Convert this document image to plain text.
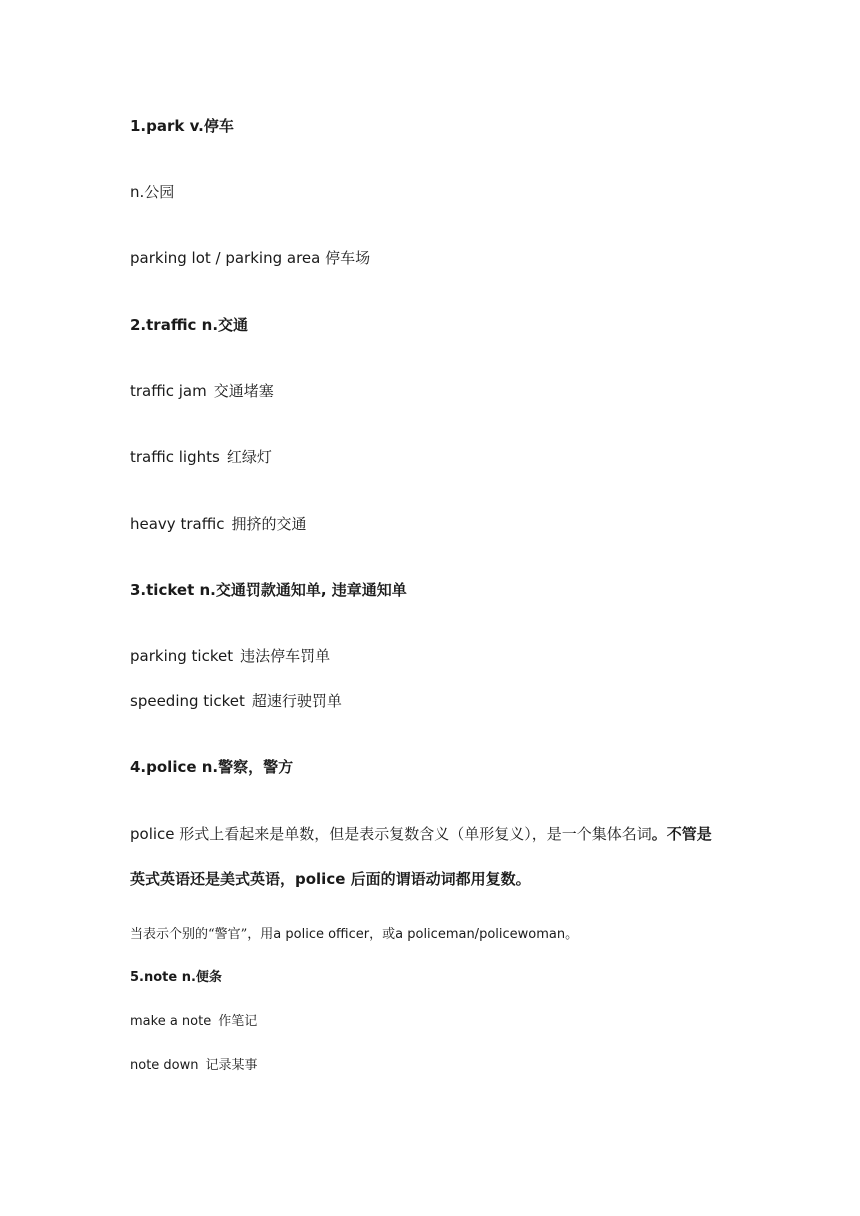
1.park v.停车
n.公园
parking lot / parking area 停车场
2.traffic n.交通
traffic jam 交通堵塞
traffic lights 红绿灯
heavy traffic 拥挤的交通
3.ticket n.交通罚款通知单, 违章通知单
parking ticket 违法停车罚单
speeding ticket 超速行驶罚单
4.police n.警察，警方
police 形式上看起来是单数，但是表示复数含义（单形复义），是一个集体名词。不管是
英式英语还是美式英语，police 后面的谓语动词都用复数。
当表示个别的“警官”，用a police officer，或a policeman/policewoman。
5.note n.便条
make a note 作笔记
note down 记录某事
